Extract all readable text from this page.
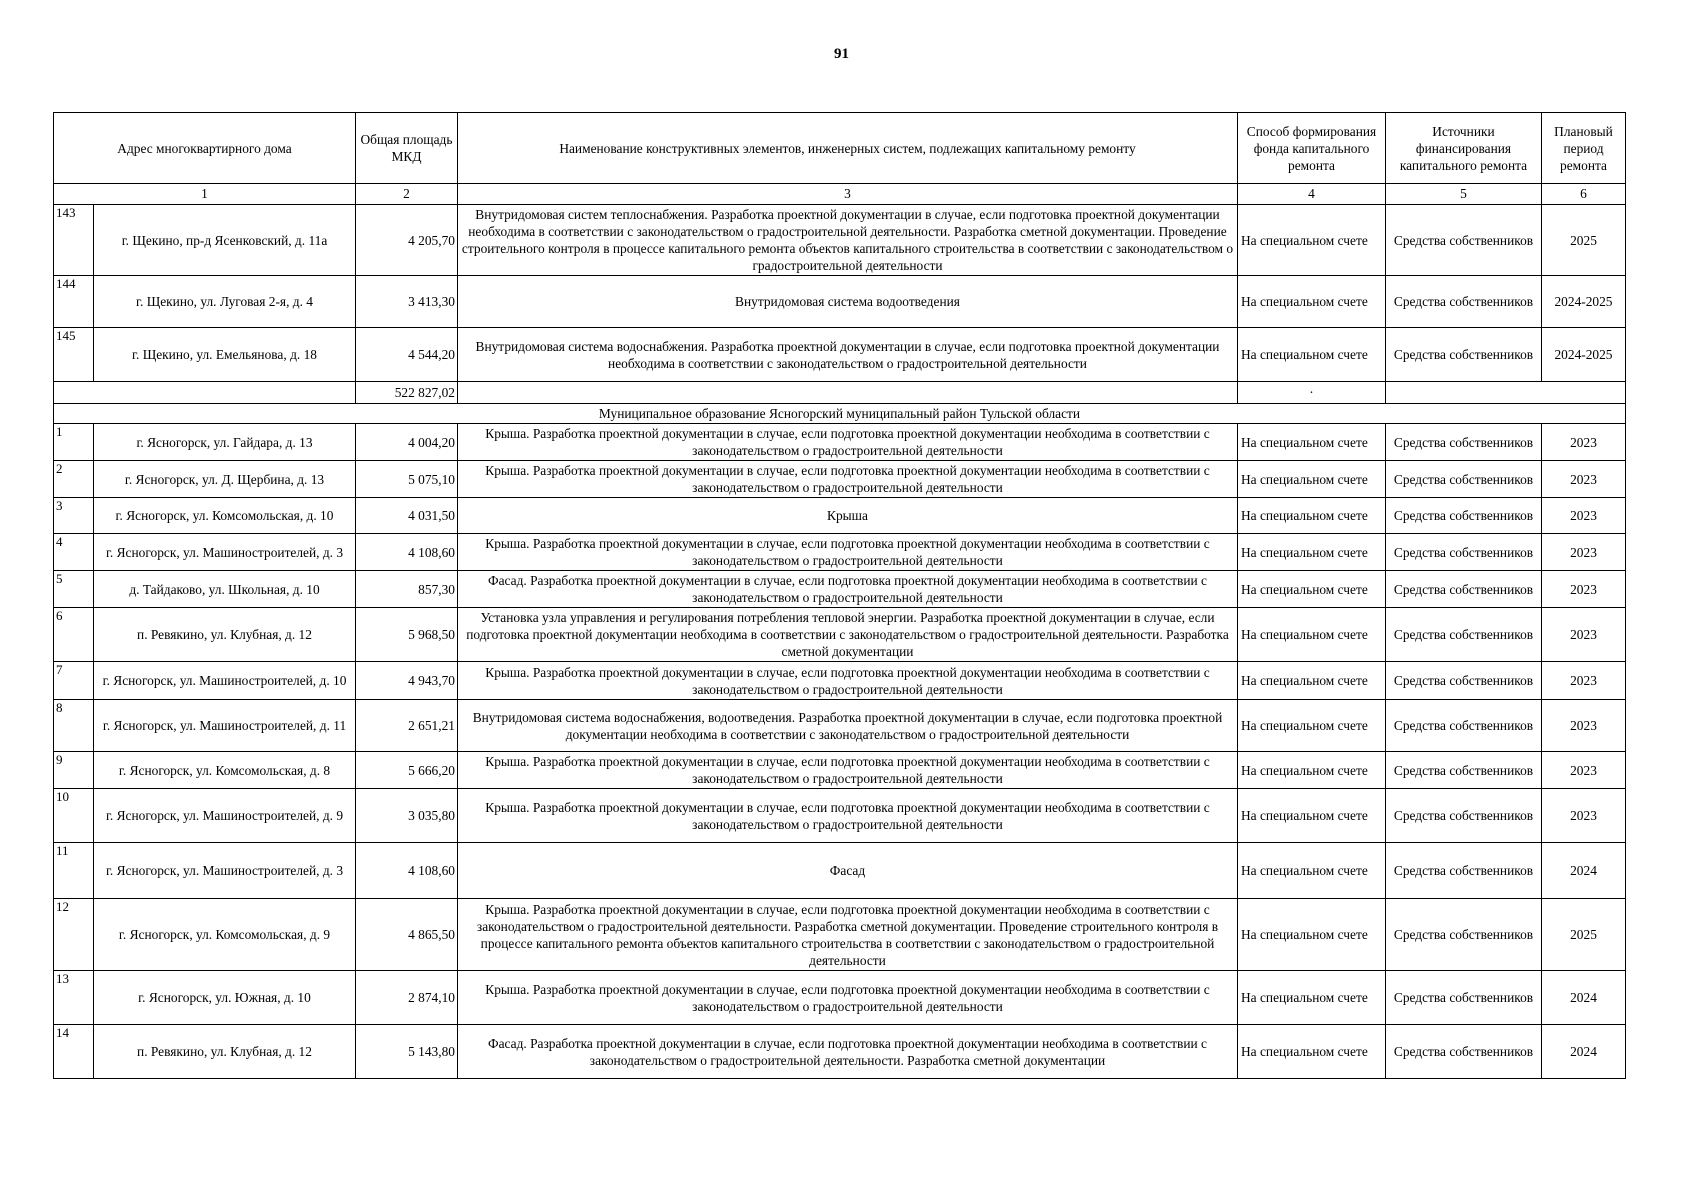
91
Адрес многоквартирного дома		Общая площадь МКД	Наименование конструктивных элементов, инженерных систем, подлежащих капитальному ремонту	Способ формирования фонда капитального ремонта	Источники финансирования капитального ремонта	Плановый период ремонта
1		2	3	4	5	6
143	г. Щекино, пр-д Ясенковский, д. 11а	4 205,70	Внутридомовая систем теплоснабжения. Разработка проектной документации в случае, если подготовка проектной документации необходима в соответствии с законодательством о градостроительной деятельности. Разработка сметной документации. Проведение строительного контроля в процессе капитального ремонта объектов капитального строительства в соответствии с законодательством о градостроительной деятельности	На специальном счете	Средства собственников	2025
144	г. Щекино, ул. Луговая 2-я, д. 4	3 413,30	Внутридомовая система водоотведения	На специальном счете	Средства собственников	2024-2025
145	г. Щекино, ул. Емельянова, д. 18	4 544,20	Внутридомовая система водоснабжения. Разработка проектной документации в случае, если подготовка проектной документации необходима в соответствии с законодательством о градостроительной деятельности	На специальном счете	Средства собственников	2024-2025
		522 827,02		·		
Муниципальное образование Ясногорский муниципальный район Тульской области						
1	г. Ясногорск, ул. Гайдара, д. 13	4 004,20	Крыша. Разработка проектной документации в случае, если подготовка проектной документации необходима в соответствии с законодательством о градостроительной деятельности	На специальном счете	Средства собственников	2023
2	г. Ясногорск, ул. Д. Щербина, д. 13	5 075,10	Крыша. Разработка проектной документации в случае, если подготовка проектной документации необходима в соответствии с законодательством о градостроительной деятельности	На специальном счете	Средства собственников	2023
3	г. Ясногорск, ул. Комсомольская, д. 10	4 031,50	Крыша	На специальном счете	Средства собственников	2023
4	г. Ясногорск, ул. Машиностроителей, д. 3	4 108,60	Крыша. Разработка проектной документации в случае, если подготовка проектной документации необходима в соответствии с законодательством о градостроительной деятельности	На специальном счете	Средства собственников	2023
5	д. Тайдаково, ул. Школьная, д. 10	857,30	Фасад. Разработка проектной документации в случае, если подготовка проектной документации необходима в соответствии с законодательством о градостроительной деятельности	На специальном счете	Средства собственников	2023
6	п. Ревякино, ул. Клубная, д. 12	5 968,50	Установка узла управления и регулирования потребления тепловой энергии. Разработка проектной документации в случае, если подготовка проектной документации необходима в соответствии с законодательством о градостроительной деятельности. Разработка сметной документации	На специальном счете	Средства собственников	2023
7	г. Ясногорск, ул. Машиностроителей, д. 10	4 943,70	Крыша. Разработка проектной документации в случае, если подготовка проектной документации необходима в соответствии с законодательством о градостроительной деятельности	На специальном счете	Средства собственников	2023
8	г. Ясногорск, ул. Машиностроителей, д. 11	2 651,21	Внутридомовая система водоснабжения, водоотведения. Разработка проектной документации в случае, если подготовка проектной документации необходима в соответствии с законодательством о градостроительной деятельности	На специальном счете	Средства собственников	2023
9	г. Ясногорск, ул. Комсомольская, д. 8	5 666,20	Крыша. Разработка проектной документации в случае, если подготовка проектной документации необходима в соответствии с законодательством о градостроительной деятельности	На специальном счете	Средства собственников	2023
10	г. Ясногорск, ул. Машиностроителей, д. 9	3 035,80	Крыша. Разработка проектной документации в случае, если подготовка проектной документации необходима в соответствии с законодательством о градостроительной деятельности	На специальном счете	Средства собственников	2023
11	г. Ясногорск, ул. Машиностроителей, д. 3	4 108,60	Фасад	На специальном счете	Средства собственников	2024
12	г. Ясногорск, ул. Комсомольская, д. 9	4 865,50	Крыша. Разработка проектной документации в случае, если подготовка проектной документации необходима в соответствии с законодательством о градостроительной деятельности. Разработка сметной документации. Проведение строительного контроля в процессе капитального ремонта объектов капитального строительства в соответствии с законодательством о градостроительной деятельности	На специальном счете	Средства собственников	2025
13	г. Ясногорск, ул. Южная, д. 10	2 874,10	Крыша. Разработка проектной документации в случае, если подготовка проектной документации необходима в соответствии с законодательством о градостроительной деятельности	На специальном счете	Средства собственников	2024
14	п. Ревякино, ул. Клубная, д. 12	5 143,80	Фасад. Разработка проектной документации в случае, если подготовка проектной документации необходима в соответствии с законодательством о градостроительной деятельности. Разработка сметной документации	На специальном счете	Средства собственников	2024
